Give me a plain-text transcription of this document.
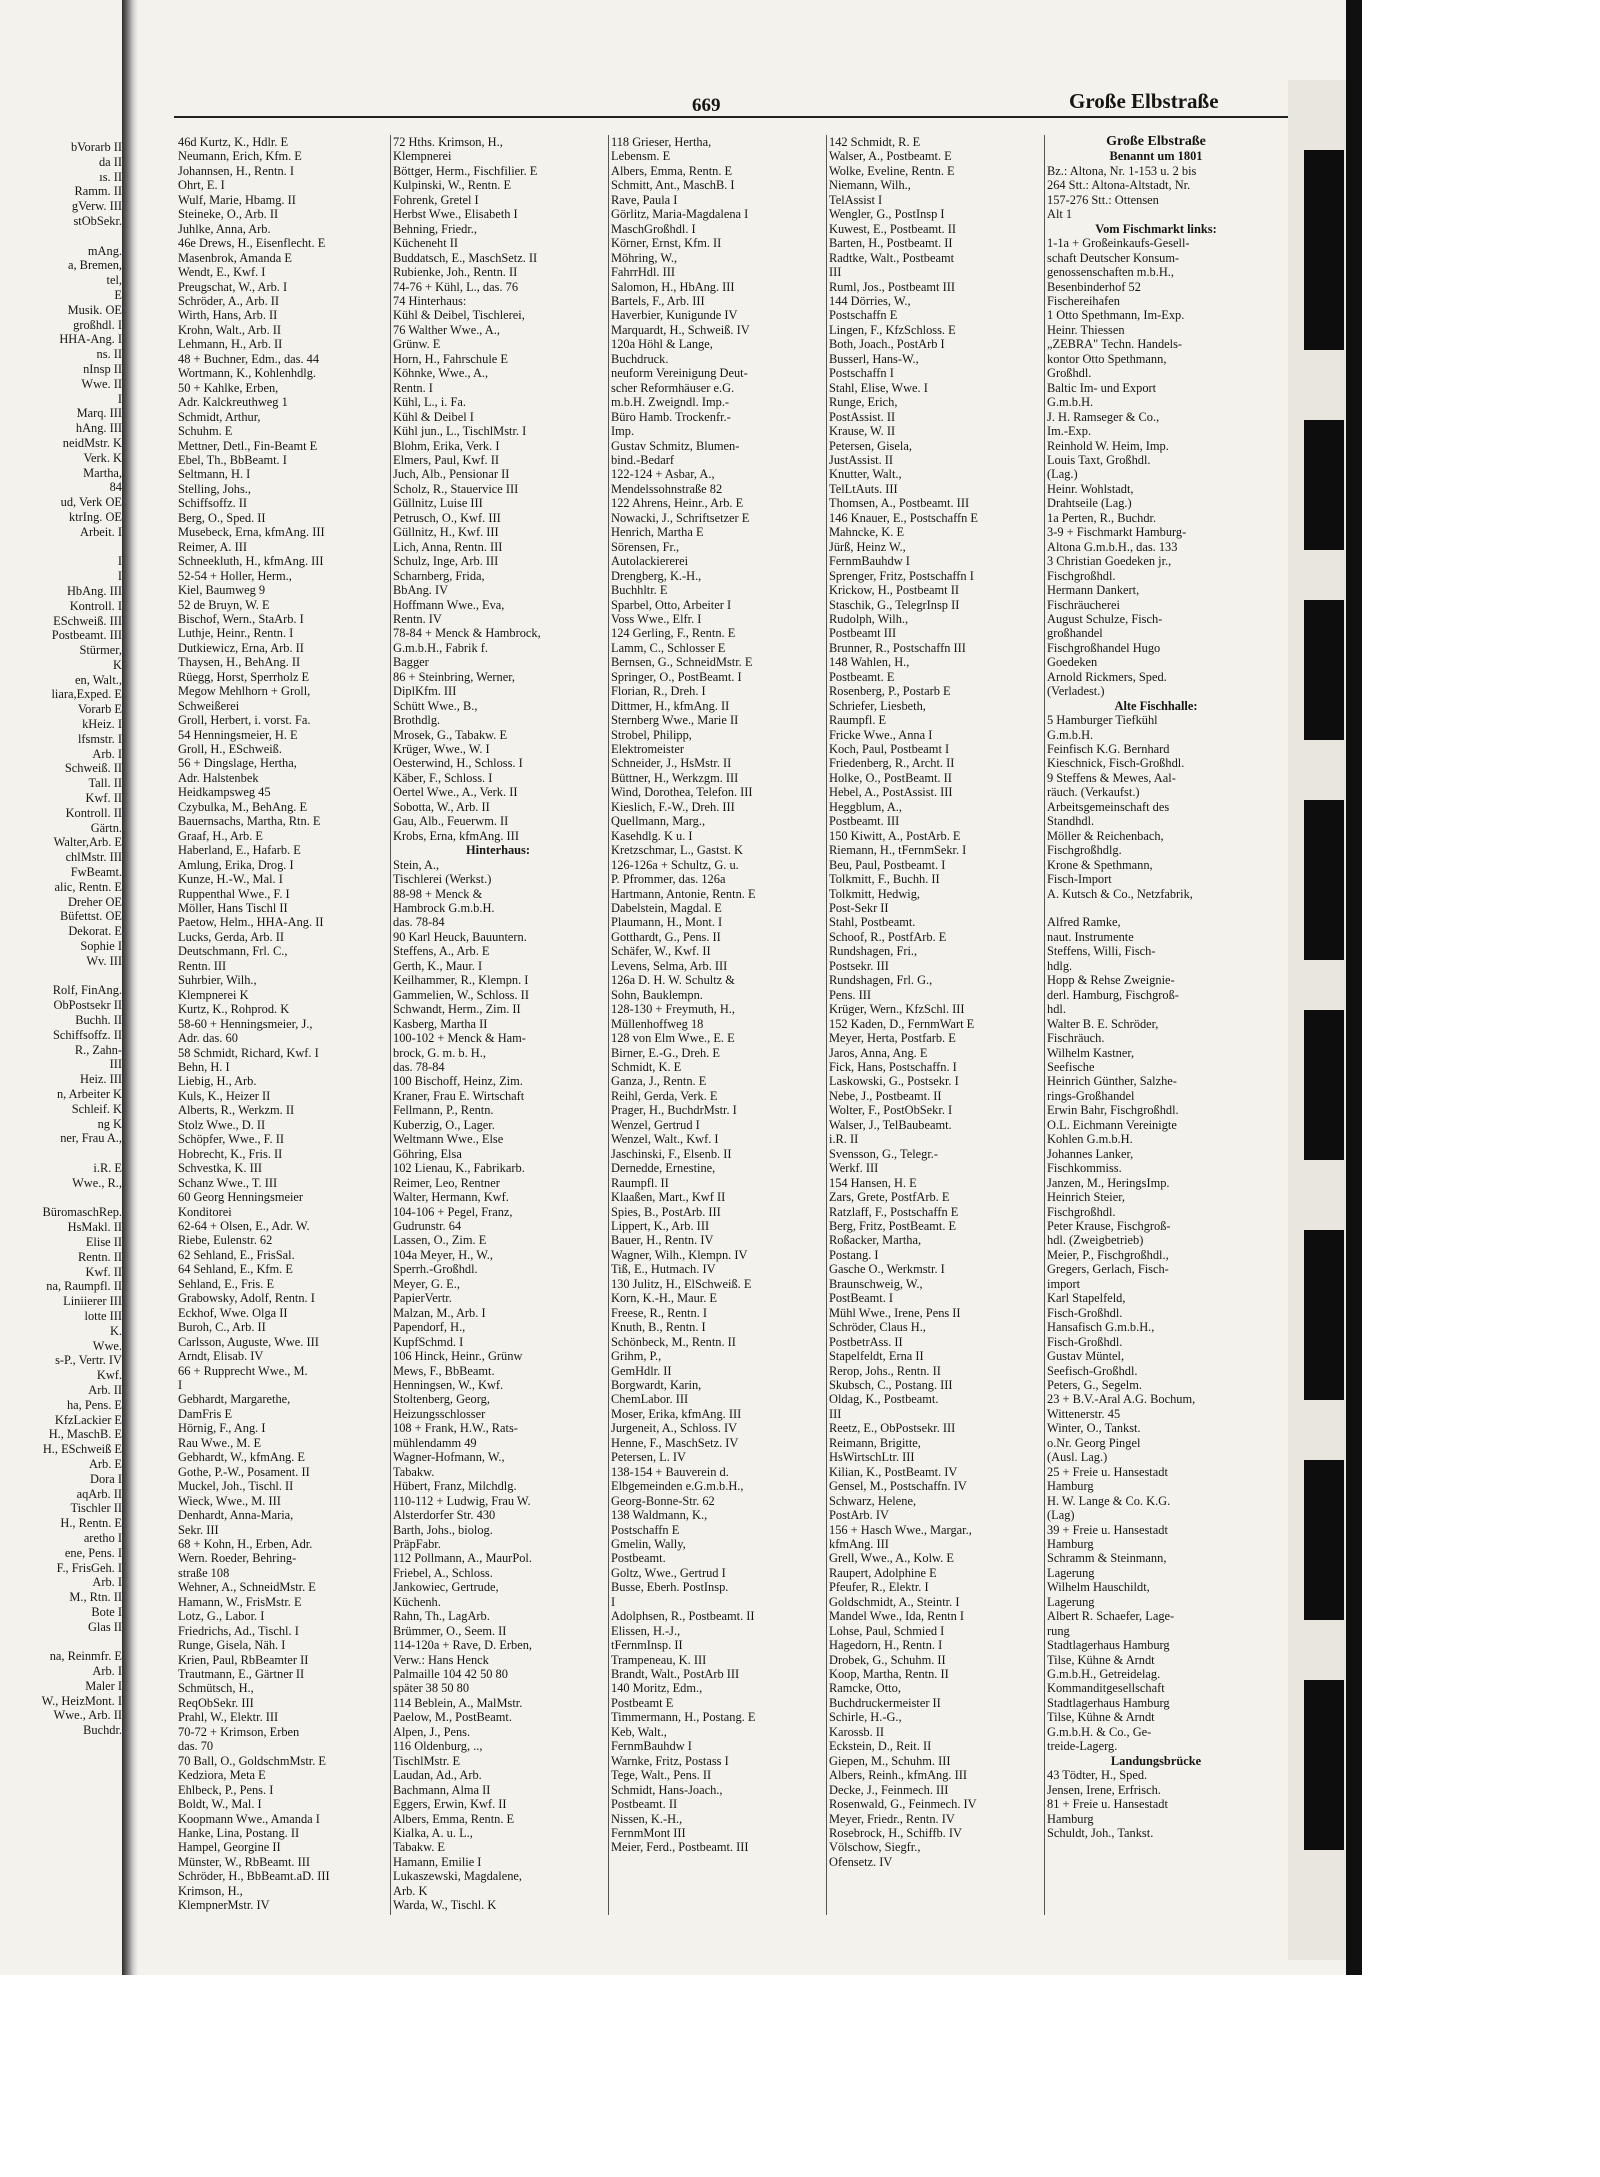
bVorarb II
da II
ıs. II
Ramm. II
gVerw. III
stObSekr.

mAng.
a, Bremen,
tel,
E
Musik. OE
großhdl. I
HHA-Ang. I
ns. II
nInsp II
Wwe. II
I
Marq. III
hAng. III
neidMstr. K
Verk. K
Martha,
84
ud, Verk OE
ktrIng. OE
Arbeit. I

I
I
HbAng. III
Kontroll. I
ESchweiß. III
Postbeamt. III
Stürmer,
K
en, Walt.,
liara,Exped. E
Vorarb E
kHeiz. I
lfsmstr. I
Arb. I
Schweiß. II
Tall. II
Kwf. II
Kontroll. II
Gärtn.
Walter,Arb. E
chlMstr. III
FwBeamt.
alic, Rentn. E
Dreher OE
Büfettst. OE
Dekorat. E
Sophie I
Wv. III

Rolf, FinAng.
ObPostsekr II
Buchh. II
Schiffsoffz. II
R., Zahn-
III
Heiz. III
n, Arbeiter K
Schleif. K
ng K
ner, Frau A.,

i.R. E
Wwe., R.,

BüromaschRep.
HsMakl. II
Elise II
Rentn. II
Kwf. II
na, Raumpfl. II
Liniierer III
lotte III
K.
Wwe.
s-P., Vertr. IV
Kwf.
Arb. II
ha, Pens. E
KfzLackier E
H., MaschB. E
H., ESchweiß E
Arb. E
Dora I
aqArb. II
Tischler II
H., Rentn. E
aretho I
ene, Pens. I
F., FrisGeh. I
Arb. I
M., Rtn. II
Bote I
Glas II

na, Reinmfr. E
Arb. I
Maler I
W., HeizMont. I
Wwe., Arb. II
Buchdr.
669	Große Elbstraße

46d Kurtz, K., Hdlr. E

Neumann, Erich, Kfm. E

Johannsen, H., Rentn. I

Ohrt, E. I

Wulf, Marie, Hbamg. II

Steineke, O., Arb. II

Juhlke, Anna, Arb.

46e Drews, H., Eisenflecht. E

Masenbrok, Amanda E

Wendt, E., Kwf. I

Preugschat, W., Arb. I

Schröder, A., Arb. II

Wirth, Hans, Arb. II

Krohn, Walt., Arb. II

Lehmann, H., Arb. II

48 + Buchner, Edm., das. 44

Wortmann, K., Kohlenhdlg.

50 + Kahlke, Erben,

Adr. Kalckreuthweg 1

Schmidt, Arthur,

Schuhm. E

Mettner, Detl., Fin-Beamt E

Ebel, Th., BbBeamt. I

Seltmann, H. I

Stelling, Johs.,

Schiffsoffz. II

Berg, O., Sped. II

Musebeck, Erna, kfmAng. III

Reimer, A. III

Schneekluth, H., kfmAng. III

52-54 + Holler, Herm.,

Kiel, Baumweg 9

52 de Bruyn, W. E

Bischof, Wern., StaArb. I

Luthje, Heinr., Rentn. I

Dutkiewicz, Erna, Arb. II

Thaysen, H., BehAng. II

Rüegg, Horst, Sperrholz E

Megow Mehlhorn + Groll,

Schweißerei

Groll, Herbert, i. vorst. Fa.

54 Henningsmeier, H. E

Groll, H., ESchweiß.

56 + Dingslage, Hertha,

Adr. Halstenbek

Heidkampsweg 45

Czybulka, M., BehAng. E

Bauernsachs, Martha, Rtn. E

Graaf, H., Arb. E

Haberland, E., Hafarb. E

Amlung, Erika, Drog. I

Kunze, H.-W., Mal. I

Ruppenthal Wwe., F. I

Möller, Hans Tischl II

Paetow, Helm., HHA-Ang. II

Lucks, Gerda, Arb. II

Deutschmann, Frl. C.,

Rentn. III

Suhrbier, Wilh.,

Klempnerei K

Kurtz, K., Rohprod. K

58-60 + Henningsmeier, J.,

Adr. das. 60

58 Schmidt, Richard, Kwf. I

Behn, H. I

Liebig, H., Arb.

Kuls, K., Heizer II

Alberts, R., Werkzm. II

Stolz Wwe., D. II

Schöpfer, Wwe., F. II

Hobrecht, K., Fris. II

Schvestka, K. III

Schanz Wwe., T. III

60 Georg Henningsmeier

Konditorei

62-64 + Olsen, E., Adr. W.

Riebe, Eulenstr. 62

62 Sehland, E., FrisSal.

64 Sehland, E., Kfm. E

Sehland, E., Fris. E

Grabowsky, Adolf, Rentn. I

Eckhof, Wwe. Olga II

Buroh, C., Arb. II

Carlsson, Auguste, Wwe. III

Arndt, Elisab. IV

66 + Rupprecht Wwe., M.

I

Gebhardt, Margarethe,

DamFris E

Hörnig, F., Ang. I

Rau Wwe., M. E

Gebhardt, W., kfmAng. E

Gothe, P.-W., Posament. II

Muckel, Joh., Tischl. II

Wieck, Wwe., M. III

Denhardt, Anna-Maria,

Sekr. III

68 + Kohn, H., Erben, Adr.

Wern. Roeder, Behring-

straße 108

Wehner, A., SchneidMstr. E

Hamann, W., FrisMstr. E

Lotz, G., Labor. I

Friedrichs, Ad., Tischl. I

Runge, Gisela, Näh. I

Krien, Paul, RbBeamter II

Trautmann, E., Gärtner II

Schmütsch, H.,

ReqObSekr. III

Prahl, W., Elektr. III

70-72 + Krimson, Erben

das. 70

70 Ball, O., GoldschmMstr. E

Kedziora, Meta E

Ehlbeck, P., Pens. I

Boldt, W., Mal. I

Koopmann Wwe., Amanda I

Hanke, Lina, Postang. II

Hampel, Georgine II

Münster, W., RbBeamt. III

Schröder, H., BbBeamt.aD. III

Krimson, H.,

KlempnerMstr. IV

72 Hths. Krimson, H.,

Klempnerei

Böttger, Herm., Fischfilier. E

Kulpinski, W., Rentn. E

Fohrenk, Gretel I

Herbst Wwe., Elisabeth I

Behning, Friedr.,

Kücheneht II

Buddatsch, E., MaschSetz. II

Rubienke, Joh., Rentn. II

74-76 + Kühl, L., das. 76

74 Hinterhaus:

Kühl & Deibel, Tischlerei,

76 Walther Wwe., A.,

Grünw. E

Horn, H., Fahrschule E

Köhnke, Wwe., A.,

Rentn. I

Kühl, L., i. Fa.

Kühl & Deibel I

Kühl jun., L., TischlMstr. I

Blohm, Erika, Verk. I

Elmers, Paul, Kwf. II

Juch, Alb., Pensionar II

Scholz, R., Stauervice III

Güllnitz, Luise III

Petrusch, O., Kwf. III

Güllnitz, H., Kwf. III

Lich, Anna, Rentn. III

Schulz, Inge, Arb. III

Scharnberg, Frida,

BbAng. IV

Hoffmann Wwe., Eva,

Rentn. IV

78-84 + Menck & Hambrock,

G.m.b.H., Fabrik f.

Bagger

86 + Steinbring, Werner,

DiplKfm. III

Schütt Wwe., B.,

Brothdlg.

Mrosek, G., Tabakw. E

Krüger, Wwe., W. I

Oesterwind, H., Schloss. I

Käber, F., Schloss. I

Oertel Wwe., A., Verk. II

Sobotta, W., Arb. II

Gau, Alb., Feuerwm. II

Krobs, Erna, kfmAng. III

Hinterhaus:

Stein, A.,

Tischlerei (Werkst.)

88-98 + Menck &

Hambrock G.m.b.H.

das. 78-84

90 Karl Heuck, Bauuntern.

Steffens, A., Arb. E

Gerth, K., Maur. I

Keilhammer, R., Klempn. I

Gammelien, W., Schloss. II

Schwandt, Herm., Zim. II

Kasberg, Martha II

100-102 + Menck & Ham-

brock, G. m. b. H.,

das. 78-84

100 Bischoff, Heinz, Zim.

Kraner, Frau E. Wirtschaft

Fellmann, P., Rentn.

Kuberzig, O., Lager.

Weltmann Wwe., Else

Göhring, Elsa

102 Lienau, K., Fabrikarb.

Reimer, Leo, Rentner

Walter, Hermann, Kwf.

104-106 + Pegel, Franz,

Gudrunstr. 64

Lassen, O., Zim. E

104a Meyer, H., W.,

Sperrh.-Großhdl.

Meyer, G. E.,

PapierVertr.

Malzan, M., Arb. I

Papendorf, H.,

KupfSchmd. I

106 Hinck, Heinr., Grünw

Mews, F., BbBeamt.

Henningsen, W., Kwf.

Stoltenberg, Georg,

Heizungsschlosser

108 + Frank, H.W., Rats-

mühlendamm 49

Wagner-Hofmann, W.,

Tabakw.

Hübert, Franz, Milchdlg.

110-112 + Ludwig, Frau W.

Alsterdorfer Str. 430

Barth, Johs., biolog.

PräpFabr.

112 Pollmann, A., MaurPol.

Friebel, A., Schloss.

Jankowiec, Gertrude,

Küchenh.

Rahn, Th., LagArb.

Brümmer, O., Seem. II

114-120a + Rave, D. Erben,

Verw.: Hans Henck

Palmaille 104 42 50 80

später 38 50 80

114 Beblein, A., MalMstr.

Paelow, M., PostBeamt.

Alpen, J., Pens.

116 Oldenburg, ..,

TischlMstr. E

Laudan, Ad., Arb.

Bachmann, Alma II

Eggers, Erwin, Kwf. II

Albers, Emma, Rentn. E

Kialka, A. u. L.,

Tabakw. E

Hamann, Emilie I

Lukaszewski, Magdalene,

Arb. K

Warda, W., Tischl. K

118 Grieser, Hertha,

Lebensm. E

Albers, Emma, Rentn. E

Schmitt, Ant., MaschB. I

Rave, Paula I

Görlitz, Maria-Magdalena I

MaschGroßhdl. I

Körner, Ernst, Kfm. II

Möhring, W.,

FahrrHdl. III

Salomon, H., HbAng. III

Bartels, F., Arb. III

Haverbier, Kunigunde IV

Marquardt, H., Schweiß. IV

120a Höhl & Lange,

Buchdruck.

neuform Vereinigung Deut-

scher Reformhäuser e.G.

m.b.H. Zweigndl. Imp.-

Büro Hamb. Trockenfr.-

Imp.

Gustav Schmitz, Blumen-

bind.-Bedarf

122-124 + Asbar, A.,

Mendelssohnstraße 82

122 Ahrens, Heinr., Arb. E

Nowacki, J., Schriftsetzer E

Henrich, Martha E

Sörensen, Fr.,

Autolackiererei

Drengberg, K.-H.,

Buchhltr. E

Sparbel, Otto, Arbeiter I

Voss Wwe., Elfr. I

124 Gerling, F., Rentn. E

Lamm, C., Schlosser E

Bernsen, G., SchneidMstr. E

Springer, O., PostBeamt. I

Florian, R., Dreh. I

Dittmer, H., kfmAng. II

Sternberg Wwe., Marie II

Strobel, Philipp,

Elektromeister

Schneider, J., HsMstr. II

Büttner, H., Werkzgm. III

Wind, Dorothea, Telefon. III

Kieslich, F.-W., Dreh. III

Quellmann, Marg.,

Kasehdlg. K u. I

Kretzschmar, L., Gastst. K

126-126a + Schultz, G. u.

P. Pfrommer, das. 126a

Hartmann, Antonie, Rentn. E

Dabelstein, Magdal. E

Plaumann, H., Mont. I

Gotthardt, G., Pens. II

Schäfer, W., Kwf. II

Levens, Selma, Arb. III

126a D. H. W. Schultz &

Sohn, Bauklempn.

128-130 + Freymuth, H.,

Müllenhoffweg 18

128 von Elm Wwe., E. E

Birner, E.-G., Dreh. E

Schmidt, K. E

Ganza, J., Rentn. E

Reihl, Gerda, Verk. E

Prager, H., BuchdrMstr. I

Wenzel, Gertrud I

Wenzel, Walt., Kwf. I

Jaschinski, F., Elsenb. II

Dernedde, Ernestine,

Raumpfl. II

Klaaßen, Mart., Kwf II

Spies, B., PostArb. III

Lippert, K., Arb. III

Bauer, H., Rentn. IV

Wagner, Wilh., Klempn. IV

Tiß, E., Hutmach. IV

130 Julitz, H., ElSchweiß. E

Korn, K.-H., Maur. E

Freese, R., Rentn. I

Knuth, B., Rentn. I

Schönbeck, M., Rentn. II

Grihm, P.,

GemHdlr. II

Borgwardt, Karin,

ChemLabor. III

Moser, Erika, kfmAng. III

Jurgeneit, A., Schloss. IV

Henne, F., MaschSetz. IV

Petersen, L. IV

138-154 + Bauverein d.

Elbgemeinden e.G.m.b.H.,

Georg-Bonne-Str. 62

138 Waldmann, K.,

Postschaffn E

Gmelin, Wally,

Postbeamt.

Goltz, Wwe., Gertrud I

Busse, Eberh. PostInsp.

I

Adolphsen, R., Postbeamt. II

Elissen, H.-J.,

tFernmInsp. II

Trampeneau, K. III

Brandt, Walt., PostArb III

140 Moritz, Edm.,

Postbeamt E

Timmermann, H., Postang. E

Keb, Walt.,

FernmBauhdw I

Warnke, Fritz, Postass I

Tege, Walt., Pens. II

Schmidt, Hans-Joach.,

Postbeamt. II

Nissen, K.-H.,

FernmMont III

Meier, Ferd., Postbeamt. III

142 Schmidt, R. E

Walser, A., Postbeamt. E

Wolke, Eveline, Rentn. E

Niemann, Wilh.,

TelAssist I

Wengler, G., PostInsp I

Kuwest, E., Postbeamt. II

Barten, H., Postbeamt. II

Radtke, Walt., Postbeamt

III

Ruml, Jos., Postbeamt III

144 Dörries, W.,

Postschaffn E

Lingen, F., KfzSchloss. E

Both, Joach., PostArb I

Busserl, Hans-W.,

Postschaffn I

Stahl, Elise, Wwe. I

Runge, Erich,

PostAssist. II

Krause, W. II

Petersen, Gisela,

JustAssist. II

Knutter, Walt.,

TelLtAuts. III

Thomsen, A., Postbeamt. III

146 Knauer, E., Postschaffn E

Mahncke, K. E

Jürß, Heinz W.,

FernmBauhdw I

Sprenger, Fritz, Postschaffn I

Krickow, H., Postbeamt II

Staschik, G., TelegrInsp II

Rudolph, Wilh.,

Postbeamt III

Brunner, R., Postschaffn III

148 Wahlen, H.,

Postbeamt. E

Rosenberg, P., Postarb E

Schriefer, Liesbeth,

Raumpfl. E

Fricke Wwe., Anna I

Koch, Paul, Postbeamt I

Friedenberg, R., Archt. II

Holke, O., PostBeamt. II

Hebel, A., PostAssist. III

Heggblum, A.,

Postbeamt. III

150 Kiwitt, A., PostArb. E

Riemann, H., tFernmSekr. I

Beu, Paul, Postbeamt. I

Tolkmitt, F., Buchh. II

Tolkmitt, Hedwig,

Post-Sekr II

Stahl, Postbeamt.

Schoof, R., PostfArb. E

Rundshagen, Fri.,

Postsekr. III

Rundshagen, Frl. G.,

Pens. III

Krüger, Wern., KfzSchl. III

152 Kaden, D., FernmWart E

Meyer, Herta, Postfarb. E

Jaros, Anna, Ang. E

Fick, Hans, Postschaffn. I

Laskowski, G., Postsekr. I

Nebe, J., Postbeamt. II

Wolter, F., PostObSekr. I

Walser, J., TelBaubeamt.

i.R. II

Svensson, G., Telegr.-

Werkf. III

154 Hansen, H. E

Zars, Grete, PostfArb. E

Ratzlaff, F., Postschaffn E

Berg, Fritz, PostBeamt. E

Roßacker, Martha,

Postang. I

Gasche O., Werkmstr. I

Braunschweig, W.,

PostBeamt. I

Mühl Wwe., Irene, Pens II

Schröder, Claus H.,

PostbetrAss. II

Stapelfeldt, Erna II

Rerop, Johs., Rentn. II

Skubsch, C., Postang. III

Oldag, K., Postbeamt.

III

Reetz, E., ObPostsekr. III

Reimann, Brigitte,

HsWirtschLtr. III

Kilian, K., PostBeamt. IV

Gensel, M., Postschaffn. IV

Schwarz, Helene,

PostArb. IV

156 + Hasch Wwe., Margar.,

kfmAng. III

Grell, Wwe., A., Kolw. E

Raupert, Adolphine E

Pfeufer, R., Elektr. I

Goldschmidt, A., Steintr. I

Mandel Wwe., Ida, Rentn I

Lohse, Paul, Schmied I

Hagedorn, H., Rentn. I

Drobek, G., Schuhm. II

Koop, Martha, Rentn. II

Ramcke, Otto,

Buchdruckermeister II

Schirle, H.-G.,

Karossb. II

Eckstein, D., Reit. II

Giepen, M., Schuhm. III

Albers, Reinh., kfmAng. III

Decke, J., Feinmech. III

Rosenwald, G., Feinmech. IV

Meyer, Friedr., Rentn. IV

Rosebrock, H., Schiffb. IV

Völschow, Siegfr.,

Ofensetz. IV

Große Elbstraße

Benannt um 1801

Bz.: Altona, Nr. 1-153 u. 2 bis

264 Stt.: Altona-Altstadt, Nr.

157-276 Stt.: Ottensen

Alt 1

Vom Fischmarkt links:

1-1a + Großeinkaufs-Gesell-

schaft Deutscher Konsum-

genossenschaften m.b.H.,

Besenbinderhof 52

Fischereihafen

1 Otto Spethmann, Im-Exp.

Heinr. Thiessen

„ZEBRA" Techn. Handels-

kontor Otto Spethmann,

Großhdl.

Baltic Im- und Export

G.m.b.H.

J. H. Ramseger & Co.,

Im.-Exp.

Reinhold W. Heim, Imp.

Louis Taxt, Großhdl.

(Lag.)

Heinr. Wohlstadt,

Drahtseile (Lag.)

1a Perten, R., Buchdr.

3-9 + Fischmarkt Hamburg-

Altona G.m.b.H., das. 133

3 Christian Goedeken jr.,

Fischgroßhdl.

Hermann Dankert,

Fischräucherei

August Schulze, Fisch-

großhandel

Fischgroßhandel Hugo

Goedeken

Arnold Rickmers, Sped.

(Verladest.)

Alte Fischhalle:

5 Hamburger Tiefkühl

G.m.b.H.

Feinfisch K.G. Bernhard

Kieschnick, Fisch-Großhdl.

9 Steffens & Mewes, Aal-

räuch. (Verkaufst.)

Arbeitsgemeinschaft des

Standhdl.

Möller & Reichenbach,

Fischgroßhdlg.

Krone & Spethmann,

Fisch-Import

A. Kutsch & Co., Netzfabrik,

Alfred Ramke,

naut. Instrumente

Steffens, Willi, Fisch-

hdlg.

Hopp & Rehse Zweignie-

derl. Hamburg, Fischgroß-

hdl.

Walter B. E. Schröder,

Fischräuch.

Wilhelm Kastner,

Seefische

Heinrich Günther, Salzhe-

rings-Großhandel

Erwin Bahr, Fischgroßhdl.

O.L. Eichmann Vereinigte

Kohlen G.m.b.H.

Johannes Lanker,

Fischkommiss.

Janzen, M., HeringsImp.

Heinrich Steier,

Fischgroßhdl.

Peter Krause, Fischgroß-

hdl. (Zweigbetrieb)

Meier, P., Fischgroßhdl.,

Gregers, Gerlach, Fisch-

import

Karl Stapelfeld,

Fisch-Großhdl.

Hansafisch G.m.b.H.,

Fisch-Großhdl.

Gustav Müntel,

Seefisch-Großhdl.

Peters, G., Segelm.

23 + B.V.-Aral A.G. Bochum,

Wittenerstr. 45

Winter, O., Tankst.

o.Nr. Georg Pingel

(Ausl. Lag.)

25 + Freie u. Hansestadt

Hamburg

H. W. Lange & Co. K.G.

(Lag)

39 + Freie u. Hansestadt

Hamburg

Schramm & Steinmann,

Lagerung

Wilhelm Hauschildt,

Lagerung

Albert R. Schaefer, Lage-

rung

Stadtlagerhaus Hamburg

Tilse, Kühne & Arndt

G.m.b.H., Getreidelag.

Kommanditgesellschaft

Stadtlagerhaus Hamburg

Tilse, Kühne & Arndt

G.m.b.H. & Co., Ge-

treide-Lagerg.

Landungsbrücke

43 Tödter, H., Sped.

Jensen, Irene, Erfrisch.

81 + Freie u. Hansestadt

Hamburg

Schuldt, Joh., Tankst.
